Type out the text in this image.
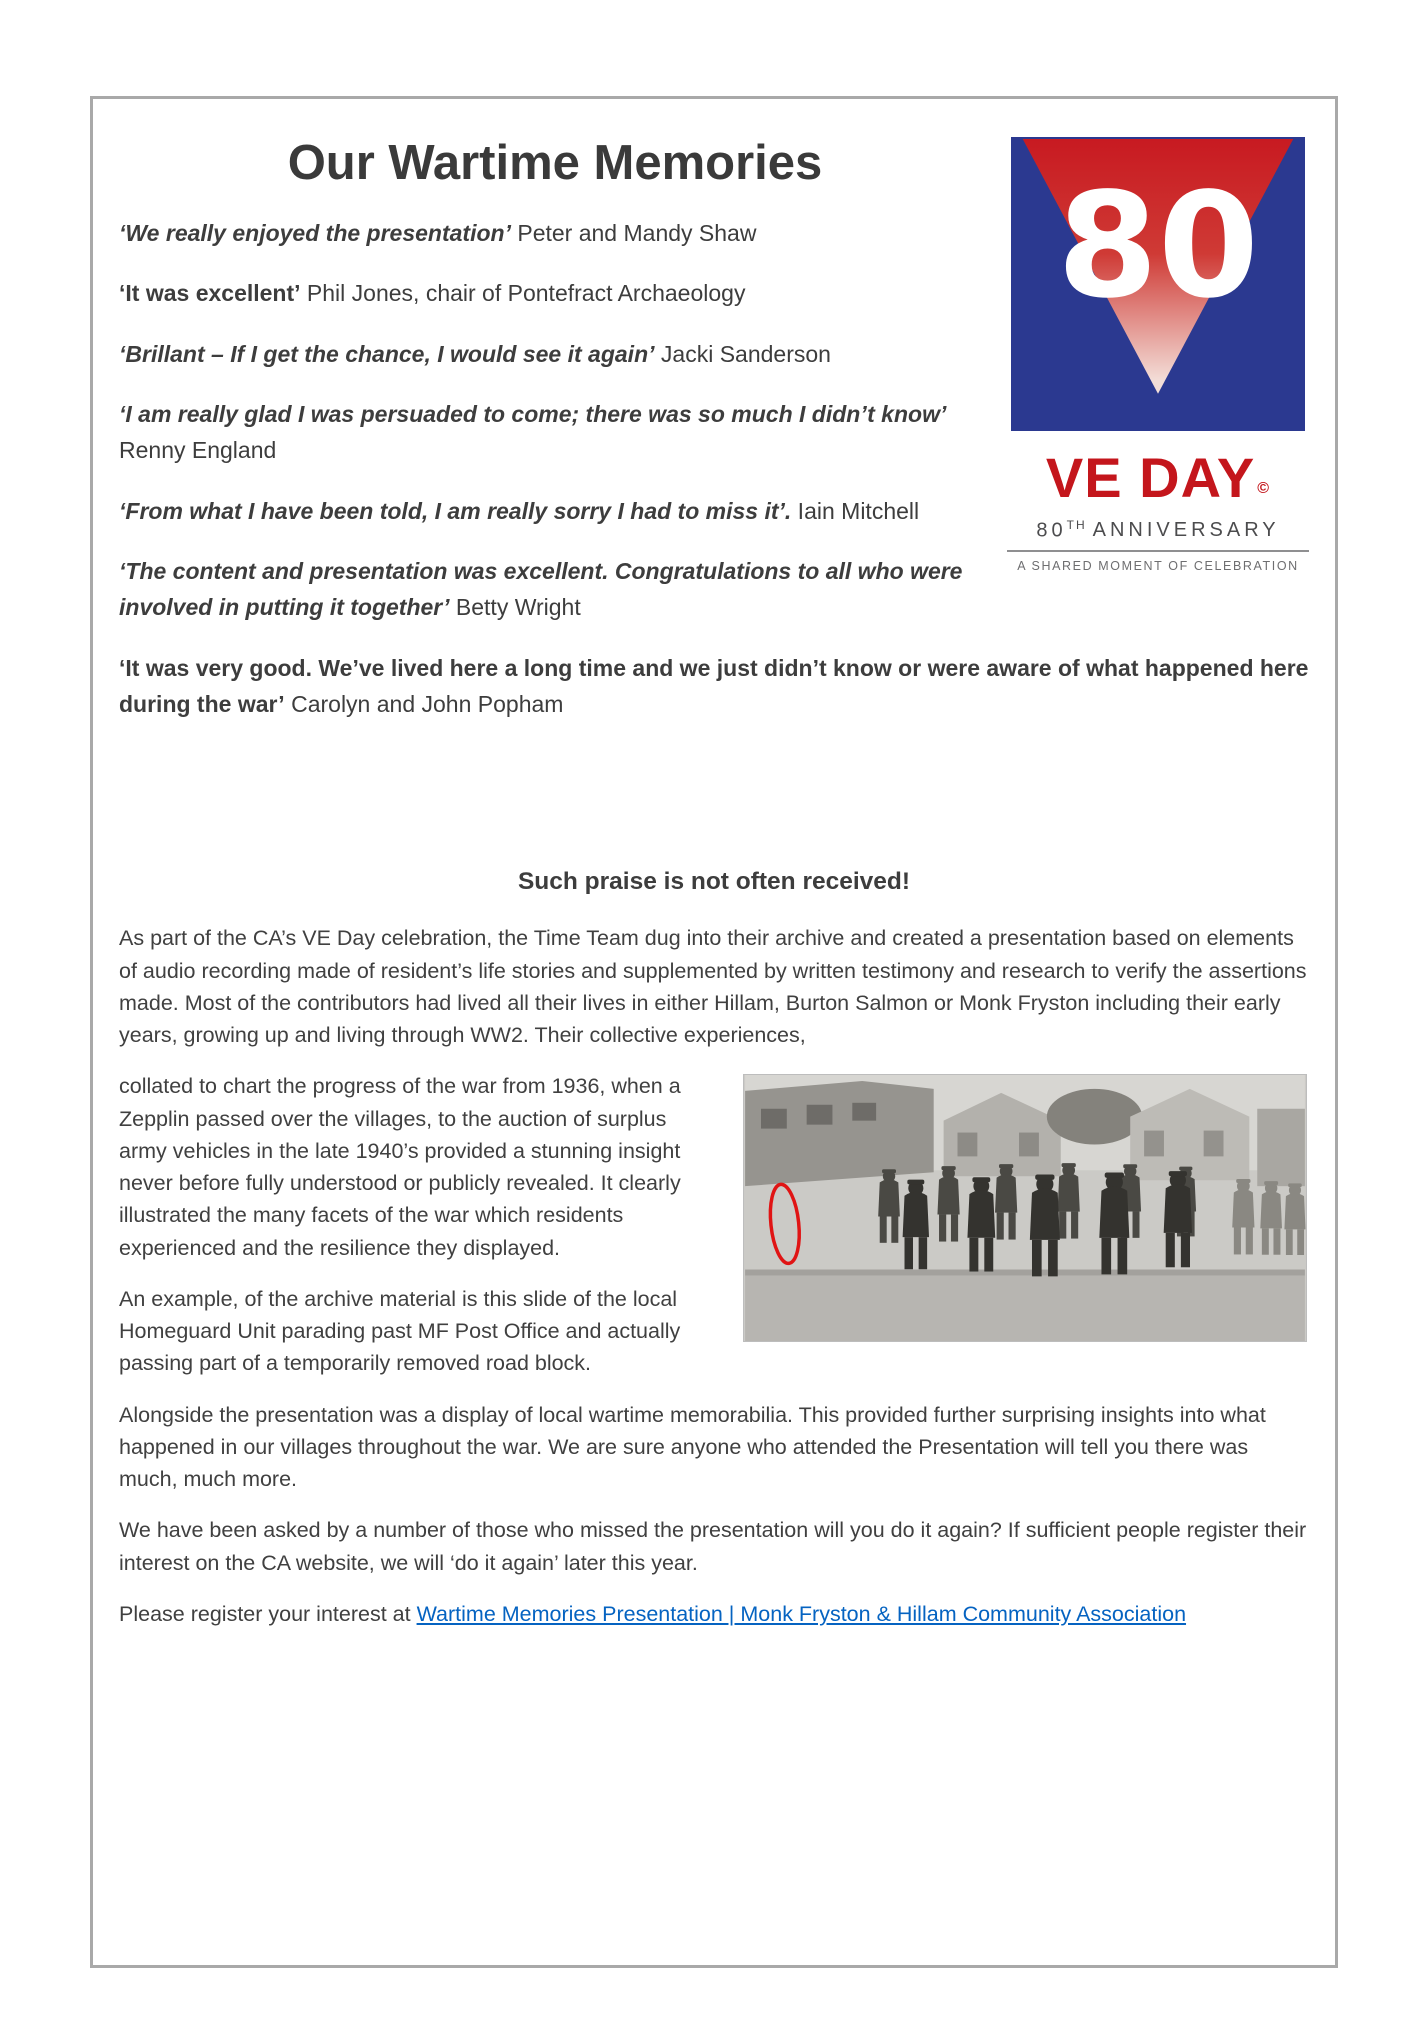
80
VE DAY ©
80TH ANNIVERSARY
A SHARED MOMENT OF CELEBRATION
Our Wartime Memories

‘We really enjoyed the presentation’ Peter and Mandy Shaw

‘It was excellent’ Phil Jones, chair of Pontefract Archaeology

‘Brillant – If I get the chance, I would see it again’ Jacki Sanderson

‘I am really glad I was persuaded to come; there was so much I didn’t know’ Renny England

‘From what I have been told, I am really sorry I had to miss it’. Iain Mitchell

‘The content and presentation was excellent. Congratulations to all who were involved in putting it together’ Betty Wright

‘It was very good. We’ve lived here a long time and we just didn’t know or were aware of what happened here during the war’ Carolyn and John Popham

Such praise is not often received!

As part of the CA’s VE Day celebration, the Time Team dug into their archive and created a presentation based on elements of audio recording made of resident’s life stories and supplemented by written testimony and research to verify the assertions made. Most of the contributors had lived all their lives in either Hillam, Burton Salmon or Monk Fryston including their early years, growing up and living through WW2. Their collective experiences,

collated to chart the progress of the war from 1936, when a Zepplin passed over the villages, to the auction of surplus army vehicles in the late 1940’s provided a stunning insight never before fully understood or publicly revealed. It clearly illustrated the many facets of the war which residents experienced and the resilience they displayed.

An example, of the archive material is this slide of the local Homeguard Unit parading past MF Post Office and actually passing part of a temporarily removed road block.

Alongside the presentation was a display of local wartime memorabilia. This provided further surprising insights into what happened in our villages throughout the war. We are sure anyone who attended the Presentation will tell you there was much, much more.

We have been asked by a number of those who missed the presentation will you do it again? If sufficient people register their interest on the CA website, we will ‘do it again’ later this year.

Please register your interest at Wartime Memories Presentation | Monk Fryston & Hillam Community Association
